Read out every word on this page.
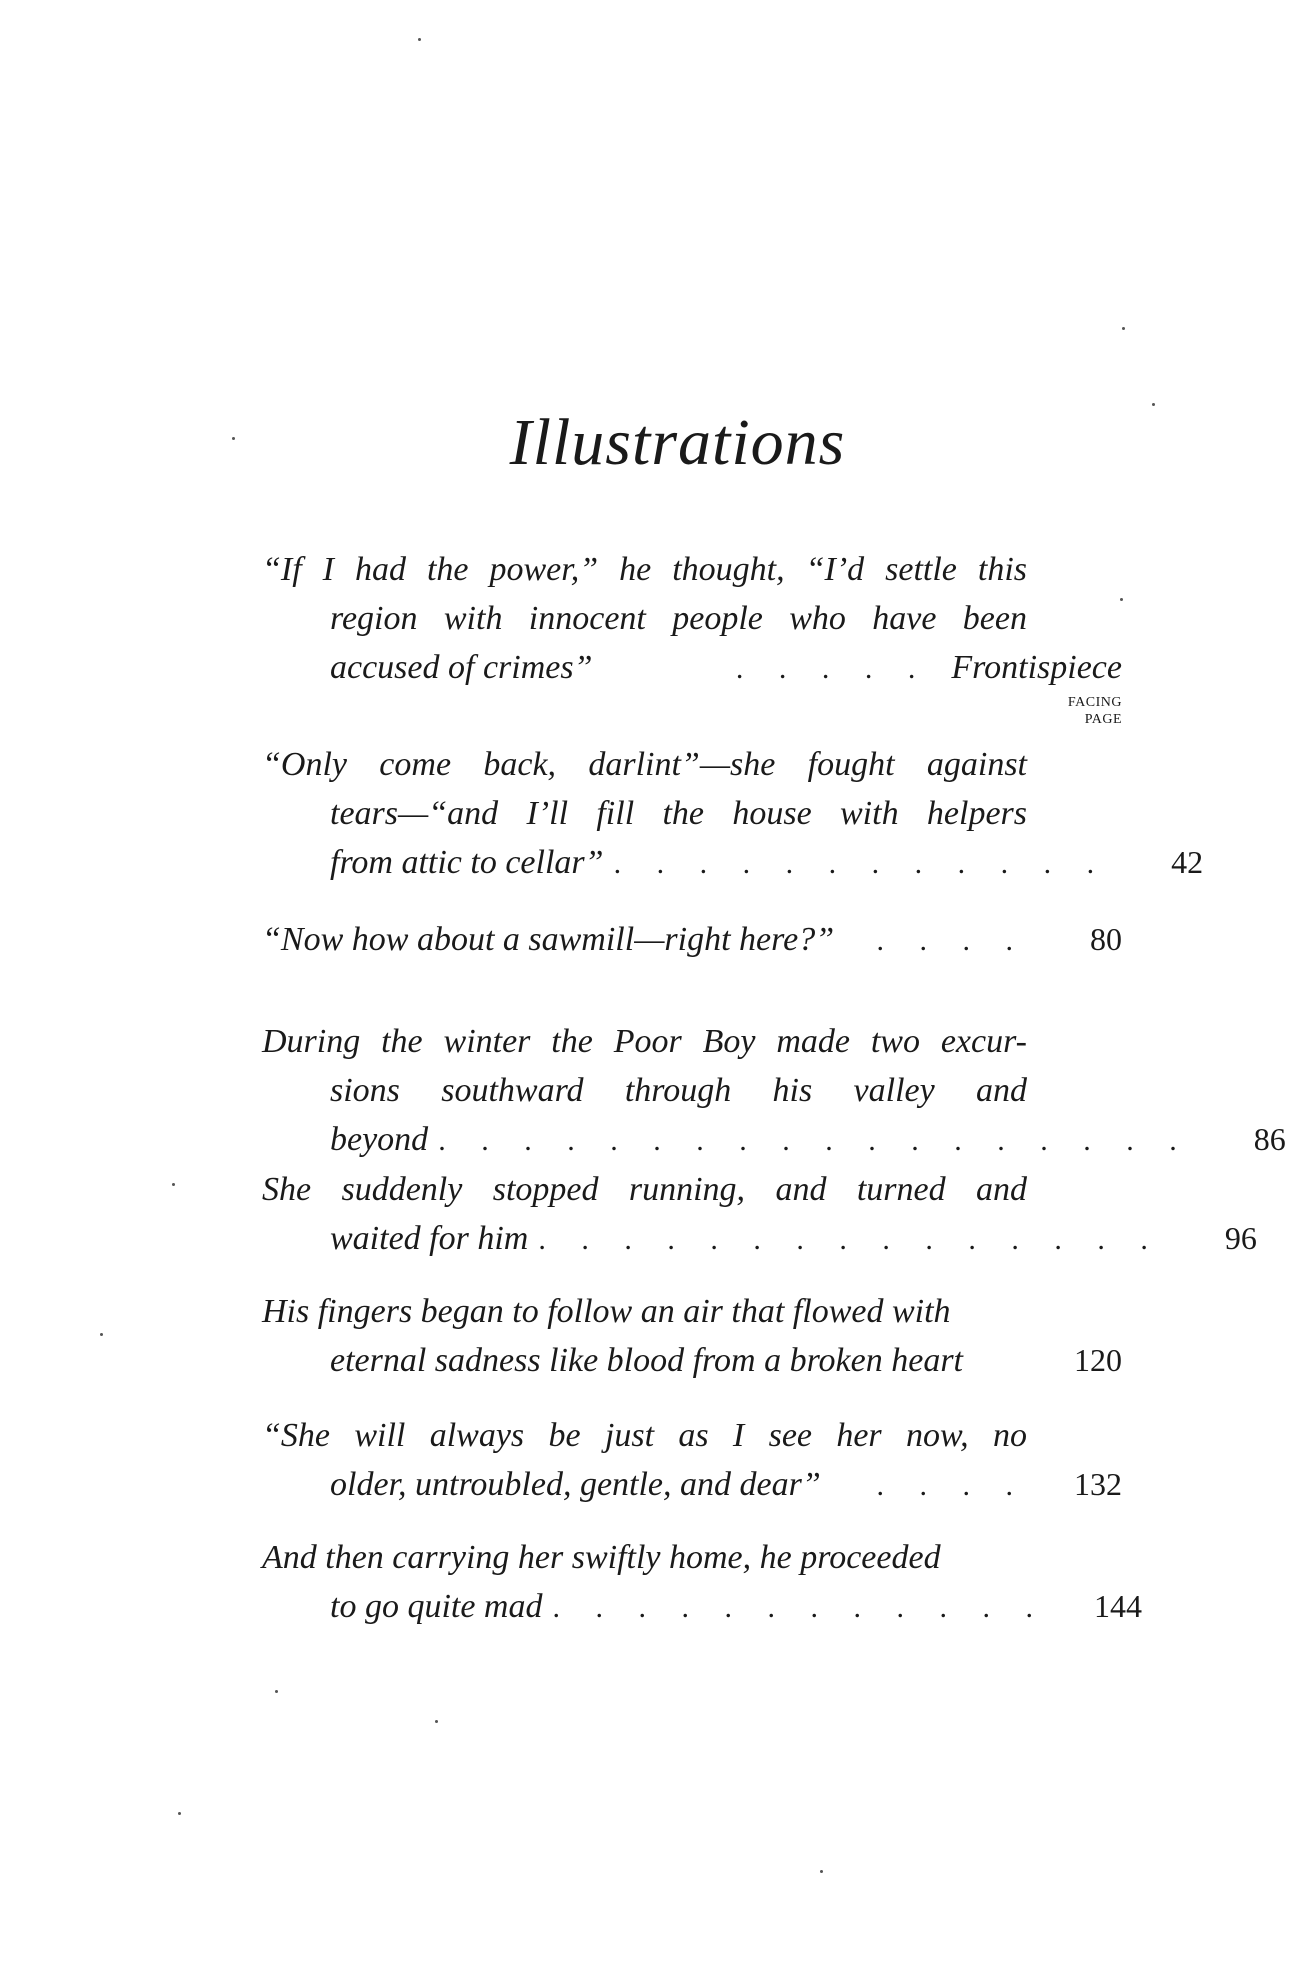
Illustrations
FACING
PAGE
“If I had the power,” he thought, “I’d settle this
region with innocent people who have been
accused of crimes”	. . . . . Frontispiece
“Only come back, darlint”—she fought against
tears—“and I’ll fill the house with helpers
from attic to cellar” . . . . . . . . . . . .	42
“Now how about a sawmill—right here?”	. . . .	80
During the winter the Poor Boy made two excur-
sions southward through his valley and
beyond . . . . . . . . . . . . . . . . . .	86
She suddenly stopped running, and turned and
waited for him . . . . . . . . . . . . . . .	96
His fingers began to follow an air that flowed with
eternal sadness like blood from a broken heart	120
“She will always be just as I see her now, no
older, untroubled, gentle, and dear”	. . . .	132
And then carrying her swiftly home, he proceeded
to go quite mad . . . . . . . . . . . .	144
